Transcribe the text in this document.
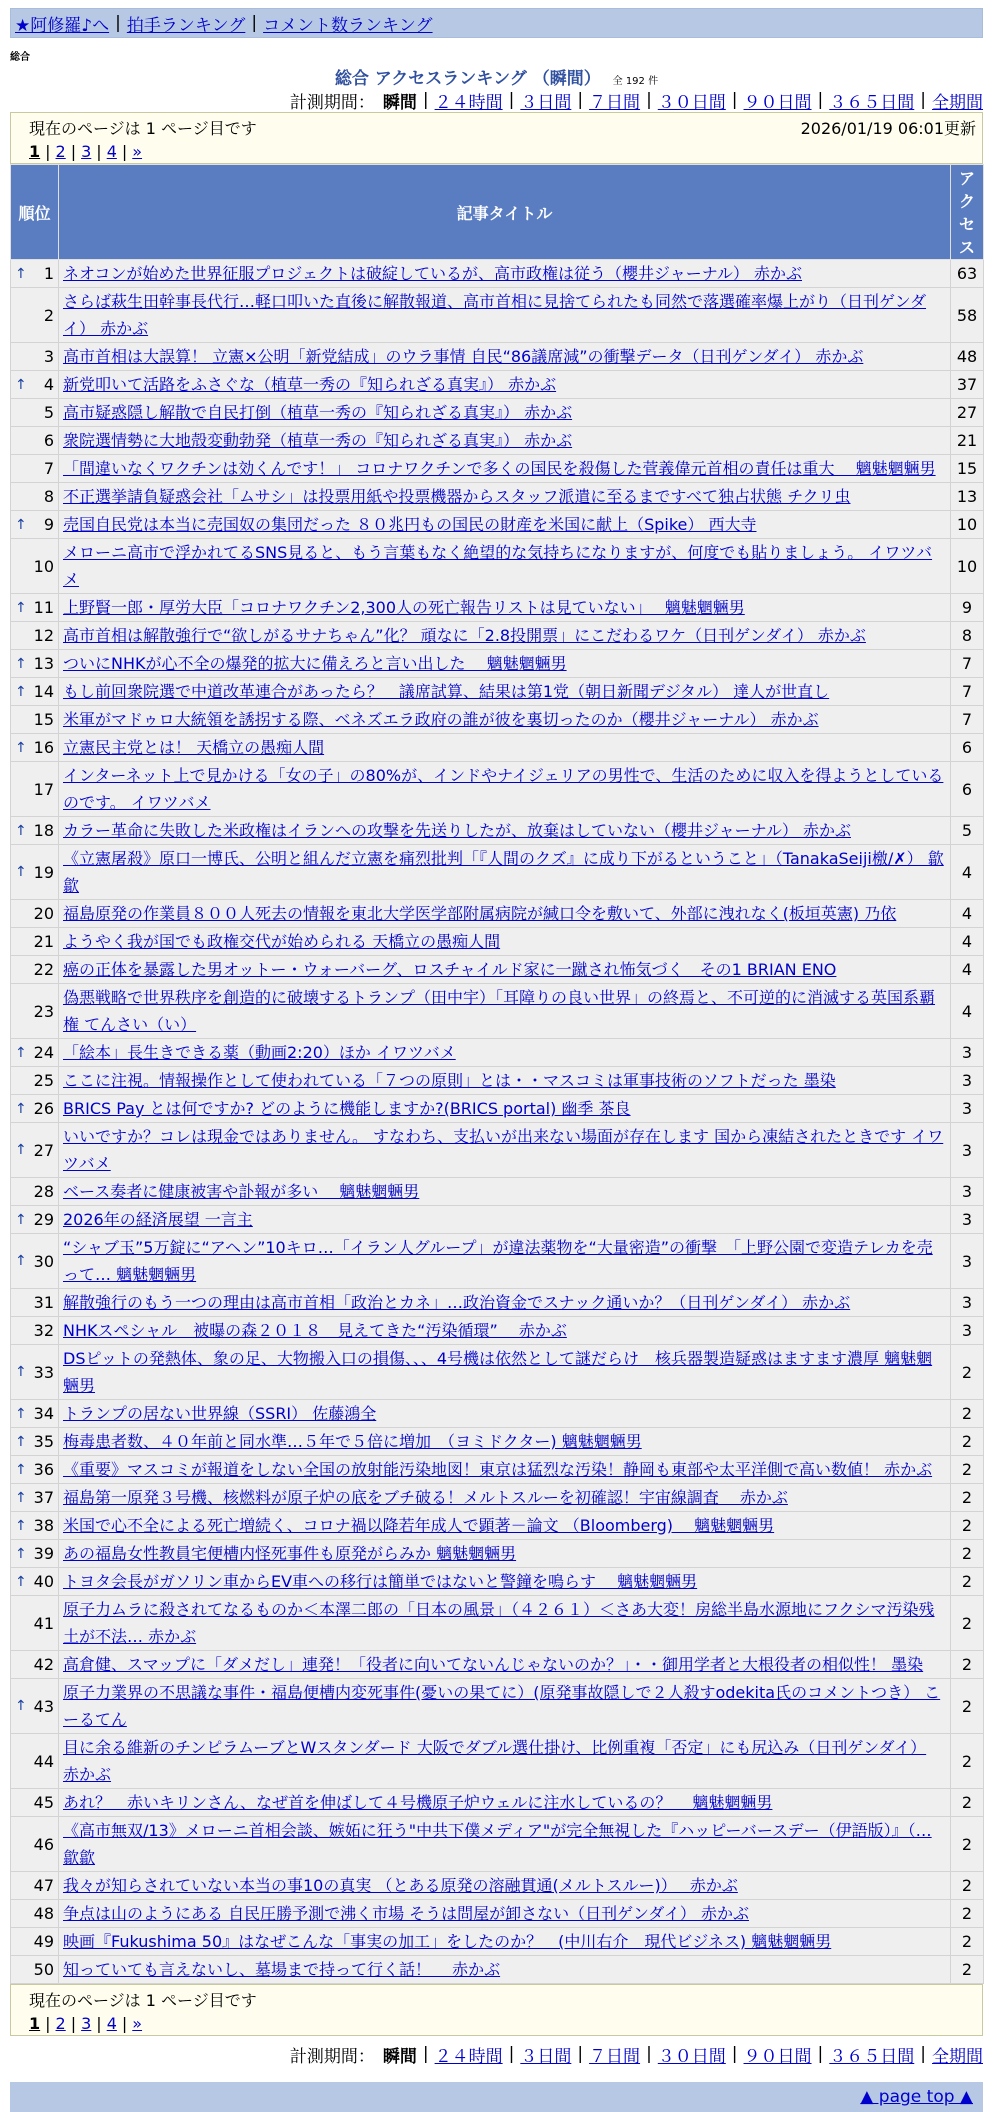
★阿修羅♪へ | 拍手ランキング | コメント数ランキング
総合
総合 アクセスランキング （瞬間） 全 192 件
計測期間： 瞬間 | ２４時間 | ３日間 | ７日間 | ３０日間 | ９０日間 | ３６５日間 | 全期間
現在のページは 1 ページ目です	2026/01/19 06:01更新
1 | 2 | 3 | 4 | »
順位	記事タイトル	アクセス

↑ 1	ネオコンが始めた世界征服プロジェクトは破綻しているが、高市政権は従う（櫻井ジャーナル） 赤かぶ	63
2	さらば萩生田幹事長代行…軽口叩いた直後に解散報道、高市首相に見捨てられたも同然で落選確率爆上がり（日刊ゲンダイ） 赤かぶ	58
3	高市首相は大誤算！ 立憲×公明「新党結成」のウラ事情 自民“86議席減”の衝撃データ（日刊ゲンダイ） 赤かぶ	48

↑ 4	新党叩いて活路をふさぐな（植草一秀の『知られざる真実』） 赤かぶ	37
5	高市疑惑隠し解散で自民打倒（植草一秀の『知られざる真実』） 赤かぶ	27
6	衆院選情勢に大地殻変動勃発（植草一秀の『知られざる真実』） 赤かぶ	21
7	「間違いなくワクチンは効くんです！」 コロナワクチンで多くの国民を殺傷した菅義偉元首相の責任は重大　 魑魅魍魎男	15
8	不正選挙請負疑惑会社「ムサシ」は投票用紙や投票機器からスタッフ派遣に至るまですべて独占状態 チクリ虫	13

↑ 9	売国自民党は本当に売国奴の集団だった ８０兆円もの国民の財産を米国に献上（Spike） 西大寺	10
10	メローニ高市で浮かれてるSNS見ると、もう言葉もなく絶望的な気持ちになりますが、何度でも貼りましょう。 イワツバメ	10

↑ 11	上野賢一郎・厚労大臣「コロナワクチン2,300人の死亡報告リストは見ていない」　 魑魅魍魎男	9
12	高市首相は解散強行で“欲しがるサナちゃん”化？ 頑なに「2.8投開票」にこだわるワケ（日刊ゲンダイ） 赤かぶ	8

↑ 13	ついにNHKが心不全の爆発的拡大に備えろと言い出した　 魑魅魍魎男	7

↑ 14	もし前回衆院選で中道改革連合があったら？　議席試算、結果は第1党（朝日新聞デジタル） 達人が世直し	7
15	米軍がマドゥロ大統領を誘拐する際、ベネズエラ政府の誰が彼を裏切ったのか（櫻井ジャーナル） 赤かぶ	7

↑ 16	立憲民主党とは！ 天橋立の愚痴人間	6
17	インターネット上で見かける「女の子」の80%が、インドやナイジェリアの男性で、生活のために収入を得ようとしているのです。 イワツバメ	6

↑ 18	カラー革命に失敗した米政権はイランへの攻撃を先送りしたが、放棄はしていない（櫻井ジャーナル） 赤かぶ	5

↑ 19	《立憲屠殺》原口一博氏、公明と組んだ立憲を痛烈批判「『人間のクズ』に成り下がるということ」（TanakaSeiji檄/✗） 歙歙	4
20	福島原発の作業員８００人死去の情報を東北大学医学部附属病院が緘口令を敷いて、外部に洩れなく(板垣英憲) 乃依	4
21	ようやく我が国でも政権交代が始められる 天橋立の愚痴人間	4
22	癌の正体を暴露した男オットー・ウォーバーグ、ロスチャイルド家に一蹴され怖気づく　その1 BRIAN ENO	4
23	偽悪戦略で世界秩序を創造的に破壊するトランプ（田中宇）「耳障りの良い世界」の終焉と、不可逆的に消滅する英国系覇権 てんさい（い）	4

↑ 24	「絵本」長生きできる薬（動画2:20）ほか イワツバメ	3
25	ここに注視。情報操作として使われている「７つの原則」とは・・マスコミは軍事技術のソフトだった 墨染	3

↑ 26	BRICS Pay とは何ですか? どのように機能しますか?(BRICS portal) 幽季 茶良	3

↑ 27	いいですか？コレは現金ではありません。 すなわち、支払いが出来ない場面が存在します 国から凍結されたときです イワツバメ	3
28	ベース奏者に健康被害や訃報が多い　 魑魅魍魎男	3

↑ 29	2026年の経済展望 一言主	3

↑ 30	“シャブ玉”5万錠に“アヘン”10キロ…「イラン人グループ」が違法薬物を“大量密造”の衝撃　「上野公園で変造テレカを売って… 魑魅魍魎男	3
31	解散強行のもう一つの理由は高市首相「政治とカネ」…政治資金でスナック通いか？（日刊ゲンダイ） 赤かぶ	3
32	NHKスペシャル　被曝の森２０１８　見えてきた“汚染循環”　 赤かぶ	3

↑ 33	DSピットの発熱体、象の足、大物搬入口の損傷、、、4号機は依然として謎だらけ　核兵器製造疑惑はますます濃厚 魑魅魍魎男	2

↑ 34	トランプの居ない世界線（SSRI） 佐藤鴻全	2

↑ 35	梅毒患者数、４０年前と同水準…５年で５倍に増加　（ヨミドクター) 魑魅魍魎男	2

↑ 36	《重要》マスコミが報道をしない全国の放射能汚染地図！東京は猛烈な汚染！静岡も東部や太平洋側で高い数値！ 赤かぶ	2

↑ 37	福島第一原発３号機、核燃料が原子炉の底をブチ破る！メルトスルーを初確認！宇宙線調査　 赤かぶ	2

↑ 38	米国で心不全による死亡増続く、コロナ禍以降若年成人で顕著－論文 （Bloomberg)　 魑魅魍魎男	2

↑ 39	あの福島女性教員宅便槽内怪死事件も原発がらみか 魑魅魍魎男	2

↑ 40	トヨタ会長がガソリン車からEV車への移行は簡単ではないと警鐘を鳴らす　 魑魅魍魎男	2
41	原子力ムラに殺されてなるものか＜本澤二郎の「日本の風景」（４２６１）＜さあ大変！房総半島水源地にフクシマ汚染残土が不法… 赤かぶ	2
42	高倉健、スマップに「ダメだし」連発！「役者に向いてないんじゃないのか？」・・御用学者と大根役者の相似性！ 墨染	2

↑ 43	原子力業界の不思議な事件・福島便槽内変死事件(憂いの果てに）(原発事故隠しで２人殺すodekita氏のコメントつき） こーるてん	2
44	目に余る維新のチンピラムーブとWスタンダード 大阪でダブル選仕掛け、比例重複「否定」にも尻込み（日刊ゲンダイ） 赤かぶ	2
45	あれ？　赤いキリンさん、なぜ首を伸ばして４号機原子炉ウェルに注水しているの？　 魑魅魍魎男	2
46	《高市無双/13》メローニ首相会談、嫉妬に狂う"中共下僕メディア"が完全無視した『ハッピーバースデー（伊語版）』（… 歙歙	2
47	我々が知らされていない本当の事10の真実 （とある原発の溶融貫通(メルトスルー)）　 赤かぶ	2
48	争点は山のようにある 自民圧勝予測で沸く市場 そうは問屋が卸さない（日刊ゲンダイ） 赤かぶ	2
49	映画『Fukushima 50』はなぜこんな「事実の加工」をしたのか？　(中川右介　現代ビジネス) 魑魅魍魎男	2
50	知っていても言えないし、墓場まで持って行く話！　 赤かぶ	2
現在のページは 1 ページ目です
1 | 2 | 3 | 4 | »
計測期間： 瞬間 | ２４時間 | ３日間 | ７日間 | ３０日間 | ９０日間 | ３６５日間 | 全期間
▲ page top ▲
